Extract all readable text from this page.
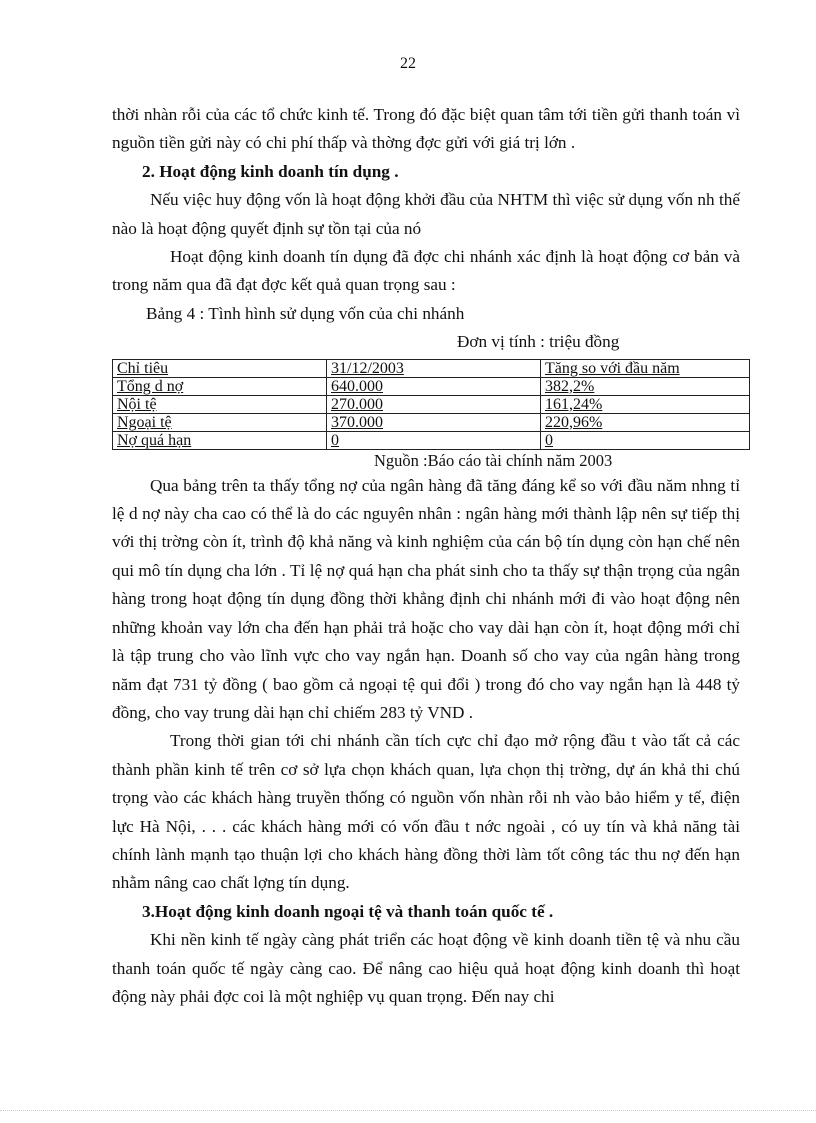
22

thời nhàn rỗi của các tổ chức kinh tế. Trong đó đặc biệt quan tâm tới tiền gửi thanh toán vì nguồn tiền gửi này có chi phí thấp và thờng đợc gửi với giá trị lớn .

2. Hoạt động kinh doanh tín dụng .

Nếu việc huy động vốn là hoạt động khởi đầu của NHTM thì việc sử dụng vốn nh thế nào là hoạt động quyết định sự tồn tại của nó

Hoạt động kinh doanh tín dụng đã đợc chi nhánh xác định là hoạt động cơ bản và trong năm qua đã đạt đợc kết quả quan trọng sau :

Bảng 4 : Tình hình sử dụng vốn của chi nhánh

Đơn vị tính : triệu đồng

Chỉ tiêu	31/12/2003	Tăng so với đầu năm
Tổng d nợ	640.000	382,2%
Nội tệ	270.000	161,24%
Ngoại tệ	370.000	220,96%
Nợ quá hạn	0	0

Nguồn :Báo cáo tài chính năm 2003

Qua bảng trên ta thấy tổng nợ của ngân hàng đã tăng đáng kể so với đầu năm nhng tỉ lệ d nợ này cha cao có thể là do các nguyên nhân : ngân hàng mới thành lập nên sự tiếp thị với thị trờng còn ít, trình độ khả năng và kinh nghiệm của cán bộ tín dụng còn hạn chế nên qui mô tín dụng cha lớn . Tỉ lệ nợ quá hạn cha phát sinh cho ta thấy sự thận trọng của ngân hàng trong hoạt động tín dụng đồng thời khẳng định chi nhánh mới đi vào hoạt động nên những khoản vay lớn cha đến hạn phải trả hoặc cho vay dài hạn còn ít, hoạt động mới chỉ là tập trung cho vào lĩnh vực cho vay ngắn hạn. Doanh số cho vay của ngân hàng trong năm đạt 731 tỷ đồng ( bao gồm cả ngoại tệ qui đổi ) trong đó cho vay ngắn hạn là 448 tỷ đồng, cho vay trung dài hạn chỉ chiếm 283 tỷ VND .

Trong thời gian tới chi nhánh cần tích cực chỉ đạo mở rộng đầu t vào tất cả các thành phần kinh tế trên cơ sở lựa chọn khách quan, lựa chọn thị trờng, dự án khả thi chú trọng vào các khách hàng truyền thống có nguồn vốn nhàn rỗi nh vào bảo hiểm y tế, điện lực Hà Nội, . . . các khách hàng mới có vốn đầu t nớc ngoài , có uy tín và khả năng tài chính lành mạnh tạo thuận lợi cho khách hàng đồng thời làm tốt công tác thu nợ đến hạn nhằm nâng cao chất lợng tín dụng.

3.Hoạt động kinh doanh ngoại tệ và thanh toán quốc tế .

Khi nền kinh tế ngày càng phát triển các hoạt động về kinh doanh tiền tệ và nhu cầu thanh toán quốc tế ngày càng cao. Để nâng cao hiệu quả hoạt động kinh doanh thì hoạt động này phải đợc coi là một nghiệp vụ quan trọng. Đến nay chi
